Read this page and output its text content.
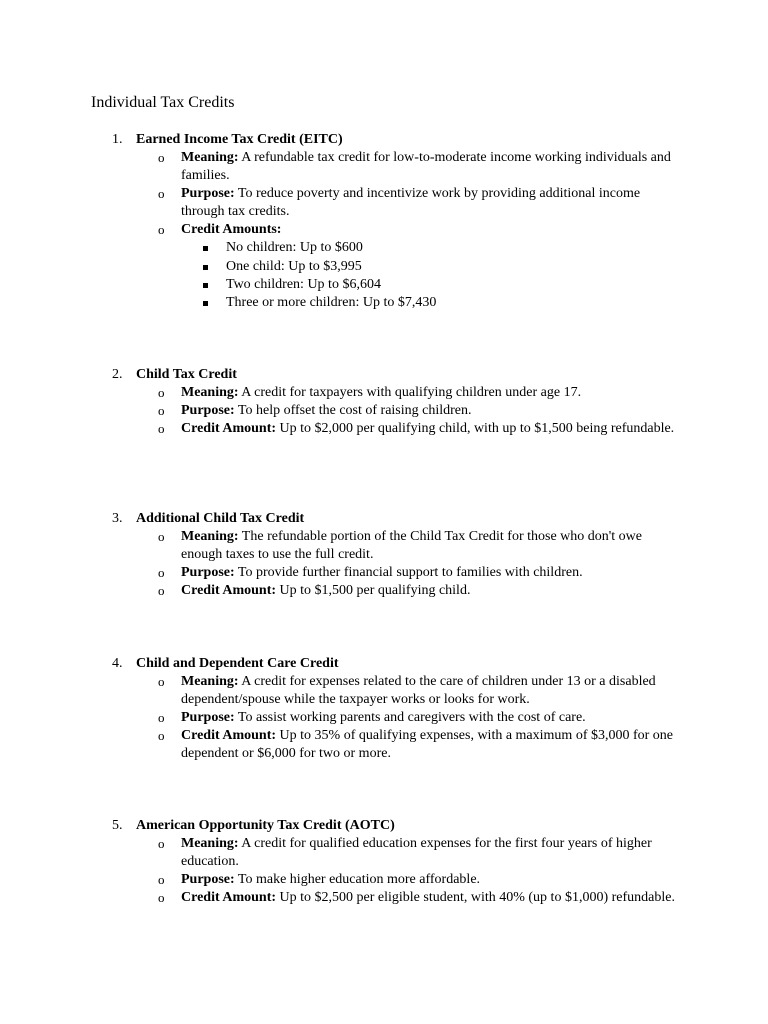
Individual Tax Credits
1. Earned Income Tax Credit (EITC)
o Meaning: A refundable tax credit for low-to-moderate income working individuals and families.
o Purpose: To reduce poverty and incentivize work by providing additional income through tax credits.
o Credit Amounts:
No children: Up to $600
One child: Up to $3,995
Two children: Up to $6,604
Three or more children: Up to $7,430
2. Child Tax Credit
o Meaning: A credit for taxpayers with qualifying children under age 17.
o Purpose: To help offset the cost of raising children.
o Credit Amount: Up to $2,000 per qualifying child, with up to $1,500 being refundable.
3. Additional Child Tax Credit
o Meaning: The refundable portion of the Child Tax Credit for those who don't owe enough taxes to use the full credit.
o Purpose: To provide further financial support to families with children.
o Credit Amount: Up to $1,500 per qualifying child.
4. Child and Dependent Care Credit
o Meaning: A credit for expenses related to the care of children under 13 or a disabled dependent/spouse while the taxpayer works or looks for work.
o Purpose: To assist working parents and caregivers with the cost of care.
o Credit Amount: Up to 35% of qualifying expenses, with a maximum of $3,000 for one dependent or $6,000 for two or more.
5. American Opportunity Tax Credit (AOTC)
o Meaning: A credit for qualified education expenses for the first four years of higher education.
o Purpose: To make higher education more affordable.
o Credit Amount: Up to $2,500 per eligible student, with 40% (up to $1,000) refundable.
